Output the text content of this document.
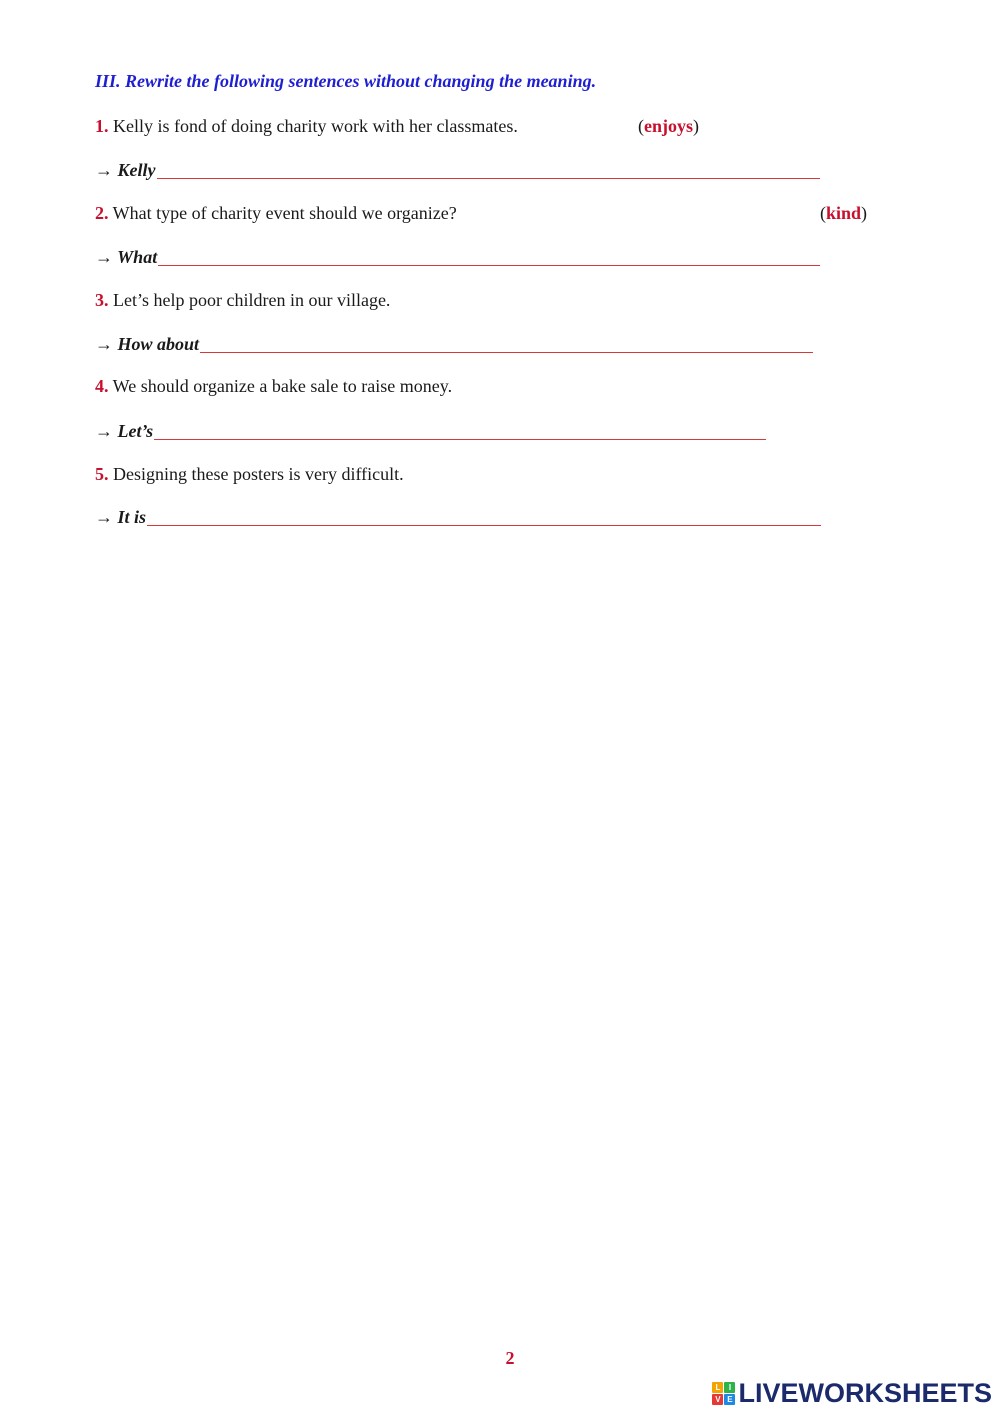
III. Rewrite the following sentences without changing the meaning.
1. Kelly is fond of doing charity work with her classmates.	(enjoys)
→ Kelly
2. What type of charity event should we organize?	(kind)
→ What
3. Let’s help poor children in our village.
→ How about
4. We should organize a bake sale to raise money.
→ Let’s
5. Designing these posters is very difficult.
→ It is
2
L	I
V E LIVEWORKSHEETS
